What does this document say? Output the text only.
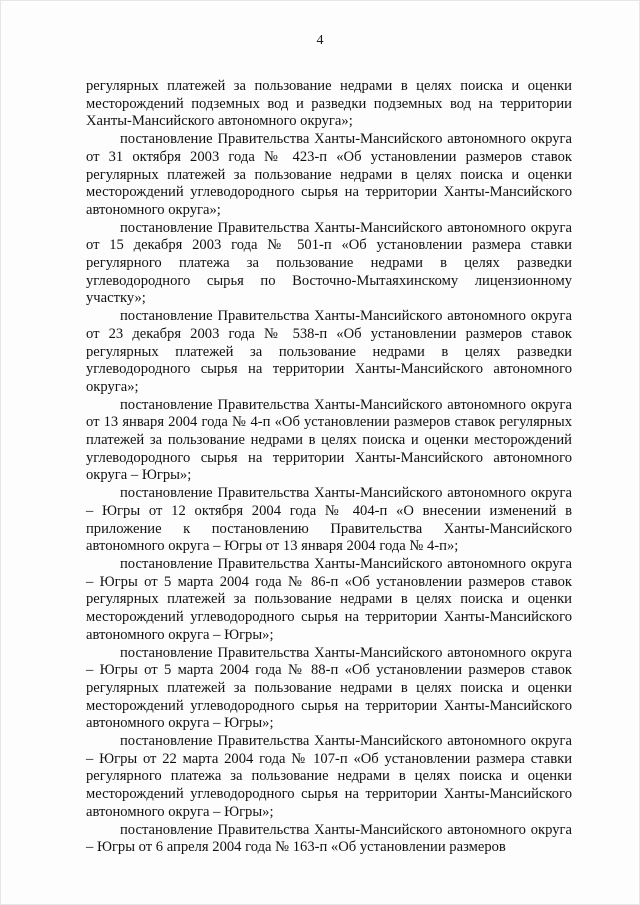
4

регулярных платежей за пользование недрами в целях поиска и оценки месторождений подземных вод и разведки подземных вод на территории Ханты-Мансийского автономного округа»;

постановление Правительства Ханты-Мансийского автономного округа от 31 октября 2003 года № 423-п «Об установлении размеров ставок регулярных платежей за пользование недрами в целях поиска и оценки месторождений углеводородного сырья на территории Ханты-Мансийского автономного округа»;

постановление Правительства Ханты-Мансийского автономного округа от 15 декабря 2003 года № 501-п «Об установлении размера ставки регулярного платежа за пользование недрами в целях разведки углеводородного сырья по Восточно-Мытаяхинскому лицензионному участку»;

постановление Правительства Ханты-Мансийского автономного округа от 23 декабря 2003 года № 538-п «Об установлении размеров ставок регулярных платежей за пользование недрами в целях разведки углеводородного сырья на территории Ханты-Мансийского автономного округа»;

постановление Правительства Ханты-Мансийского автономного округа от 13 января 2004 года № 4-п «Об установлении размеров ставок регулярных платежей за пользование недрами в целях поиска и оценки месторождений углеводородного сырья на территории Ханты-Мансийского автономного округа – Югры»;

постановление Правительства Ханты-Мансийского автономного округа – Югры от 12 октября 2004 года № 404-п «О внесении изменений в приложение к постановлению Правительства Ханты-Мансийского автономного округа – Югры от 13 января 2004 года № 4-п»;

постановление Правительства Ханты-Мансийского автономного округа – Югры от 5 марта 2004 года № 86-п «Об установлении размеров ставок регулярных платежей за пользование недрами в целях поиска и оценки месторождений углеводородного сырья на территории Ханты-Мансийского автономного округа – Югры»;

постановление Правительства Ханты-Мансийского автономного округа – Югры от 5 марта 2004 года № 88-п «Об установлении размеров ставок регулярных платежей за пользование недрами в целях поиска и оценки месторождений углеводородного сырья на территории Ханты-Мансийского автономного округа – Югры»;

постановление Правительства Ханты-Мансийского автономного округа – Югры от 22 марта 2004 года № 107-п «Об установлении размера ставки регулярного платежа за пользование недрами в целях поиска и оценки месторождений углеводородного сырья на территории Ханты-Мансийского автономного округа – Югры»;

постановление Правительства Ханты-Мансийского автономного округа – Югры от 6 апреля 2004 года № 163-п «Об установлении размеров
